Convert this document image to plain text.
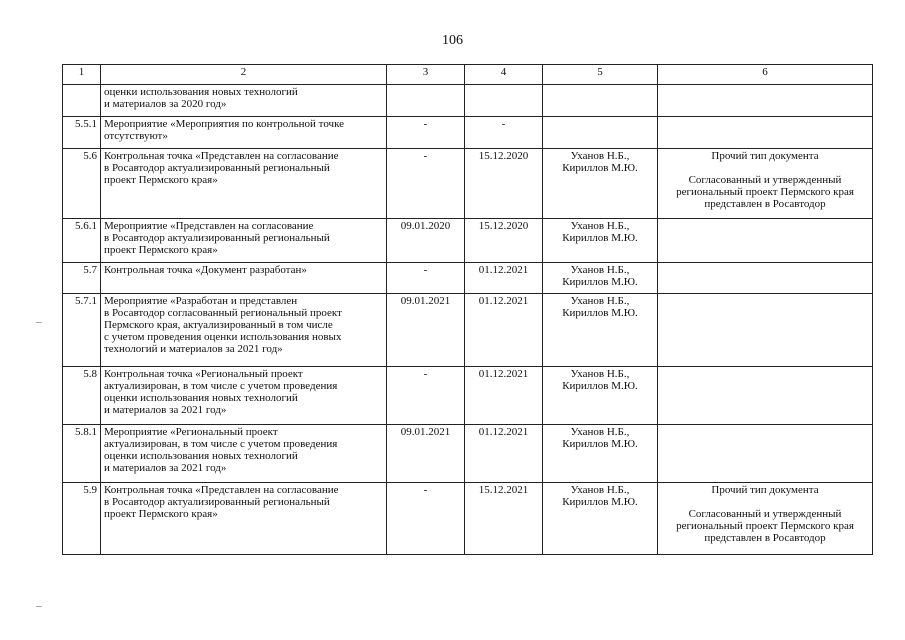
106
1	2	3	4	5	6
	оценки использования новых технологий
и материалов за 2020 год»				
5.5.1	Мероприятие «Мероприятия по контрольной точке
отсутствуют»	-	-		
5.6	Контрольная точка «Представлен на согласование
в Росавтодор актуализированный региональный
проект Пермского края»	-	15.12.2020	Уханов Н.Б.,
Кириллов М.Ю.	Прочий тип документа

Согласованный и утвержденный
региональный проект Пермского края
представлен в Росавтодор
5.6.1	Мероприятие «Представлен на согласование
в Росавтодор актуализированный региональный
проект Пермского края»	09.01.2020	15.12.2020	Уханов Н.Б.,
Кириллов М.Ю.	
5.7	Контрольная точка «Документ разработан»	-	01.12.2021	Уханов Н.Б.,
Кириллов М.Ю.	
5.7.1	Мероприятие «Разработан и представлен
в Росавтодор согласованный региональный проект
Пермского края, актуализированный в том числе
с учетом проведения оценки использования новых
технологий и материалов за 2021 год»	09.01.2021	01.12.2021	Уханов Н.Б.,
Кириллов М.Ю.	
5.8	Контрольная точка «Региональный проект
актуализирован, в том числе с учетом проведения
оценки использования новых технологий
и материалов за 2021 год»	-	01.12.2021	Уханов Н.Б.,
Кириллов М.Ю.	
5.8.1	Мероприятие «Региональный проект
актуализирован, в том числе с учетом проведения
оценки использования новых технологий
и материалов за 2021 год»	09.01.2021	01.12.2021	Уханов Н.Б.,
Кириллов М.Ю.	
5.9	Контрольная точка «Представлен на согласование
в Росавтодор актуализированный региональный
проект Пермского края»	-	15.12.2021	Уханов Н.Б.,
Кириллов М.Ю.	Прочий тип документа

Согласованный и утвержденный
региональный проект Пермского края
представлен в Росавтодор
